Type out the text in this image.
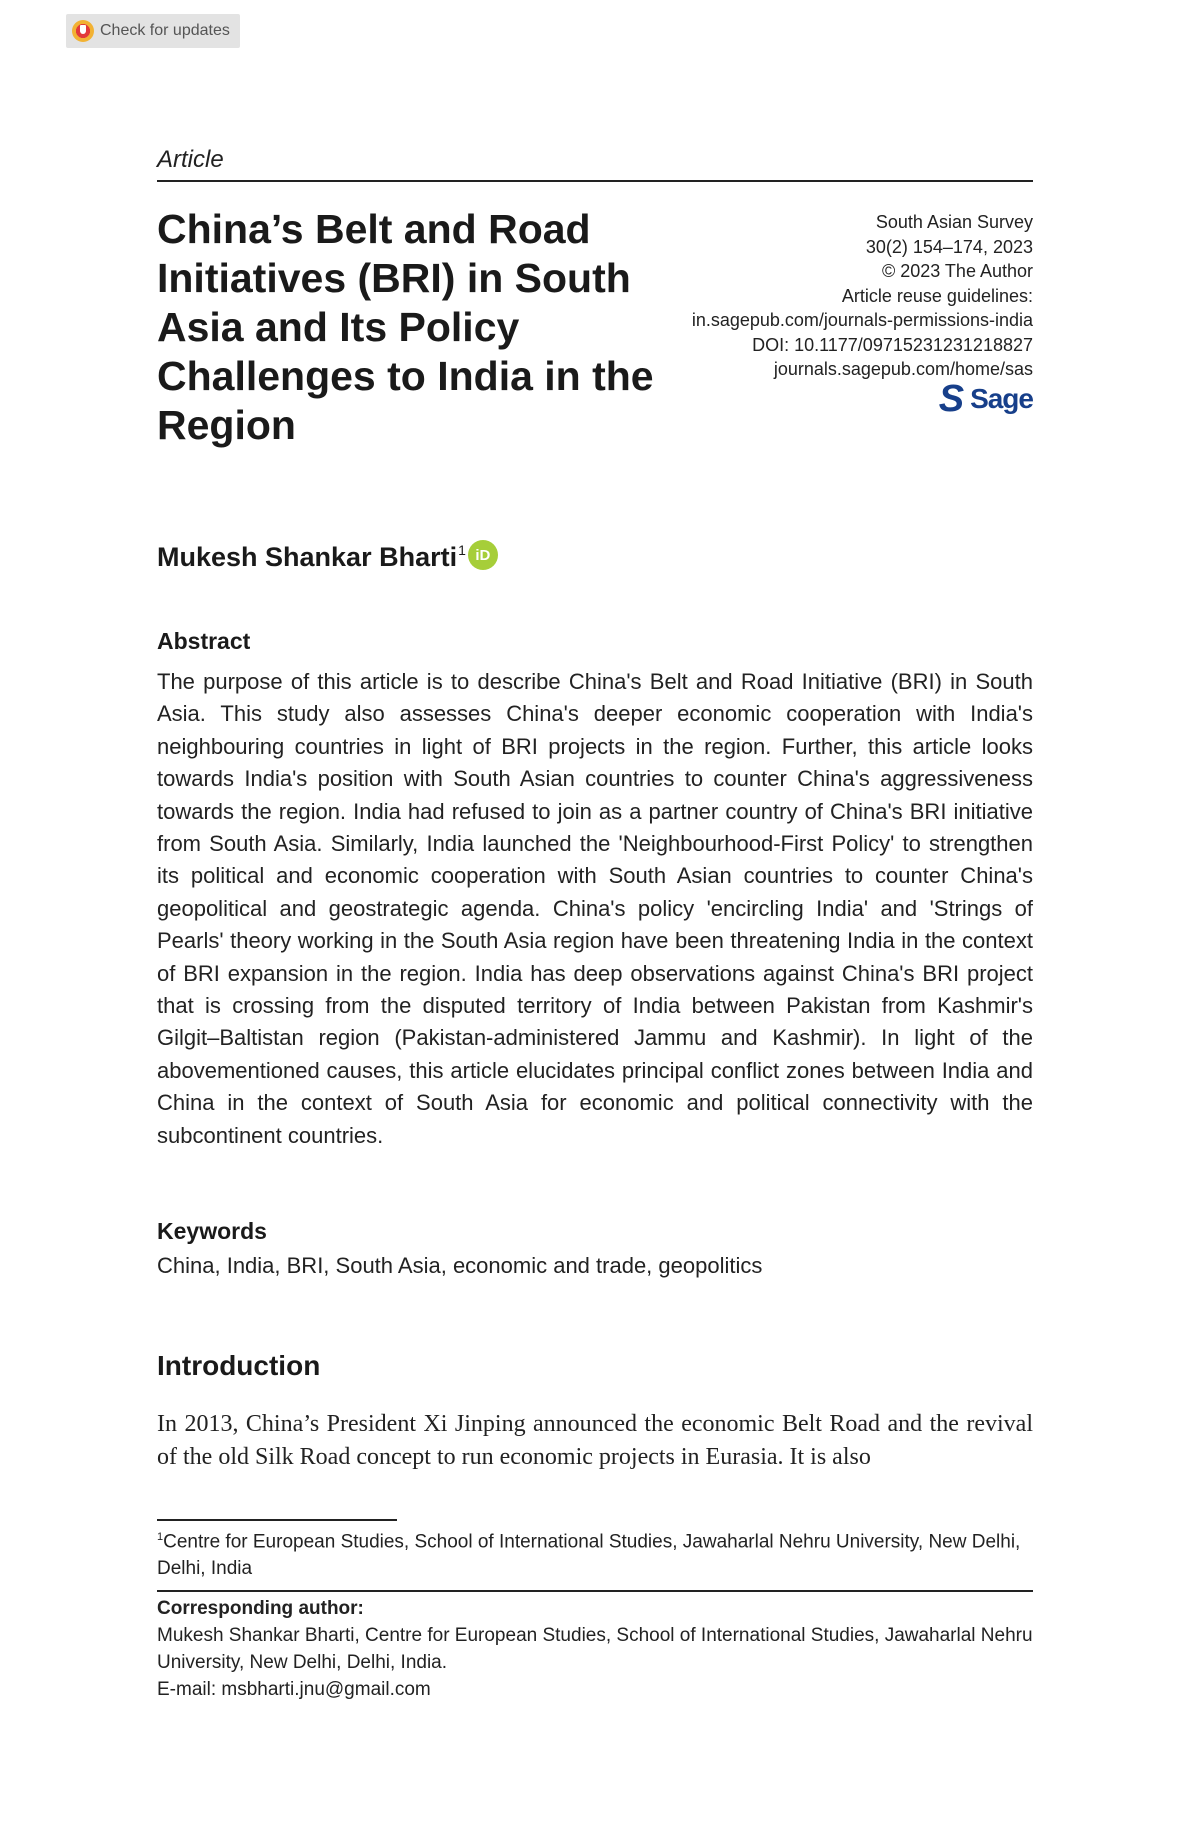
Check for updates
Article
China’s Belt and Road Initiatives (BRI) in South Asia and Its Policy Challenges to India in the Region
South Asian Survey
30(2) 154–174, 2023
© 2023 The Author
Article reuse guidelines:
in.sagepub.com/journals-permissions-india
DOI: 10.1177/09715231231218827
journals.sagepub.com/home/sas
S Sage
Mukesh Shankar Bharti$^1$ iD
Abstract

The purpose of this article is to describe China's Belt and Road Initiative (BRI) in South Asia. This study also assesses China's deeper economic cooperation with India's neighbouring countries in light of BRI projects in the region. Further, this article looks towards India's position with South Asian countries to counter China's aggressiveness towards the region. India had refused to join as a partner country of China's BRI initiative from South Asia. Similarly, India launched the 'Neighbourhood-First Policy' to strengthen its political and economic cooperation with South Asian countries to counter China's geopolitical and geostrategic agenda. China's policy 'encircling India' and 'Strings of Pearls' theory working in the South Asia region have been threatening India in the context of BRI expansion in the region. India has deep observations against China's BRI project that is crossing from the disputed territory of India between Pakistan from Kashmir's Gilgit–Baltistan region (Pakistan-administered Jammu and Kashmir). In light of the abovementioned causes, this article elucidates principal conflict zones between India and China in the context of South Asia for economic and political connectivity with the subcontinent countries.

Keywords
China, India, BRI, South Asia, economic and trade, geopolitics
Introduction

In 2013, China’s President Xi Jinping announced the economic Belt Road and the revival of the old Silk Road concept to run economic projects in Eurasia. It is also

$^1$Centre for European Studies, School of International Studies, Jawaharlal Nehru University, New Delhi, Delhi, India

Corresponding author:
Mukesh Shankar Bharti, Centre for European Studies, School of International Studies, Jawaharlal Nehru University, New Delhi, Delhi, India.
E-mail: msbharti.jnu@gmail.com
